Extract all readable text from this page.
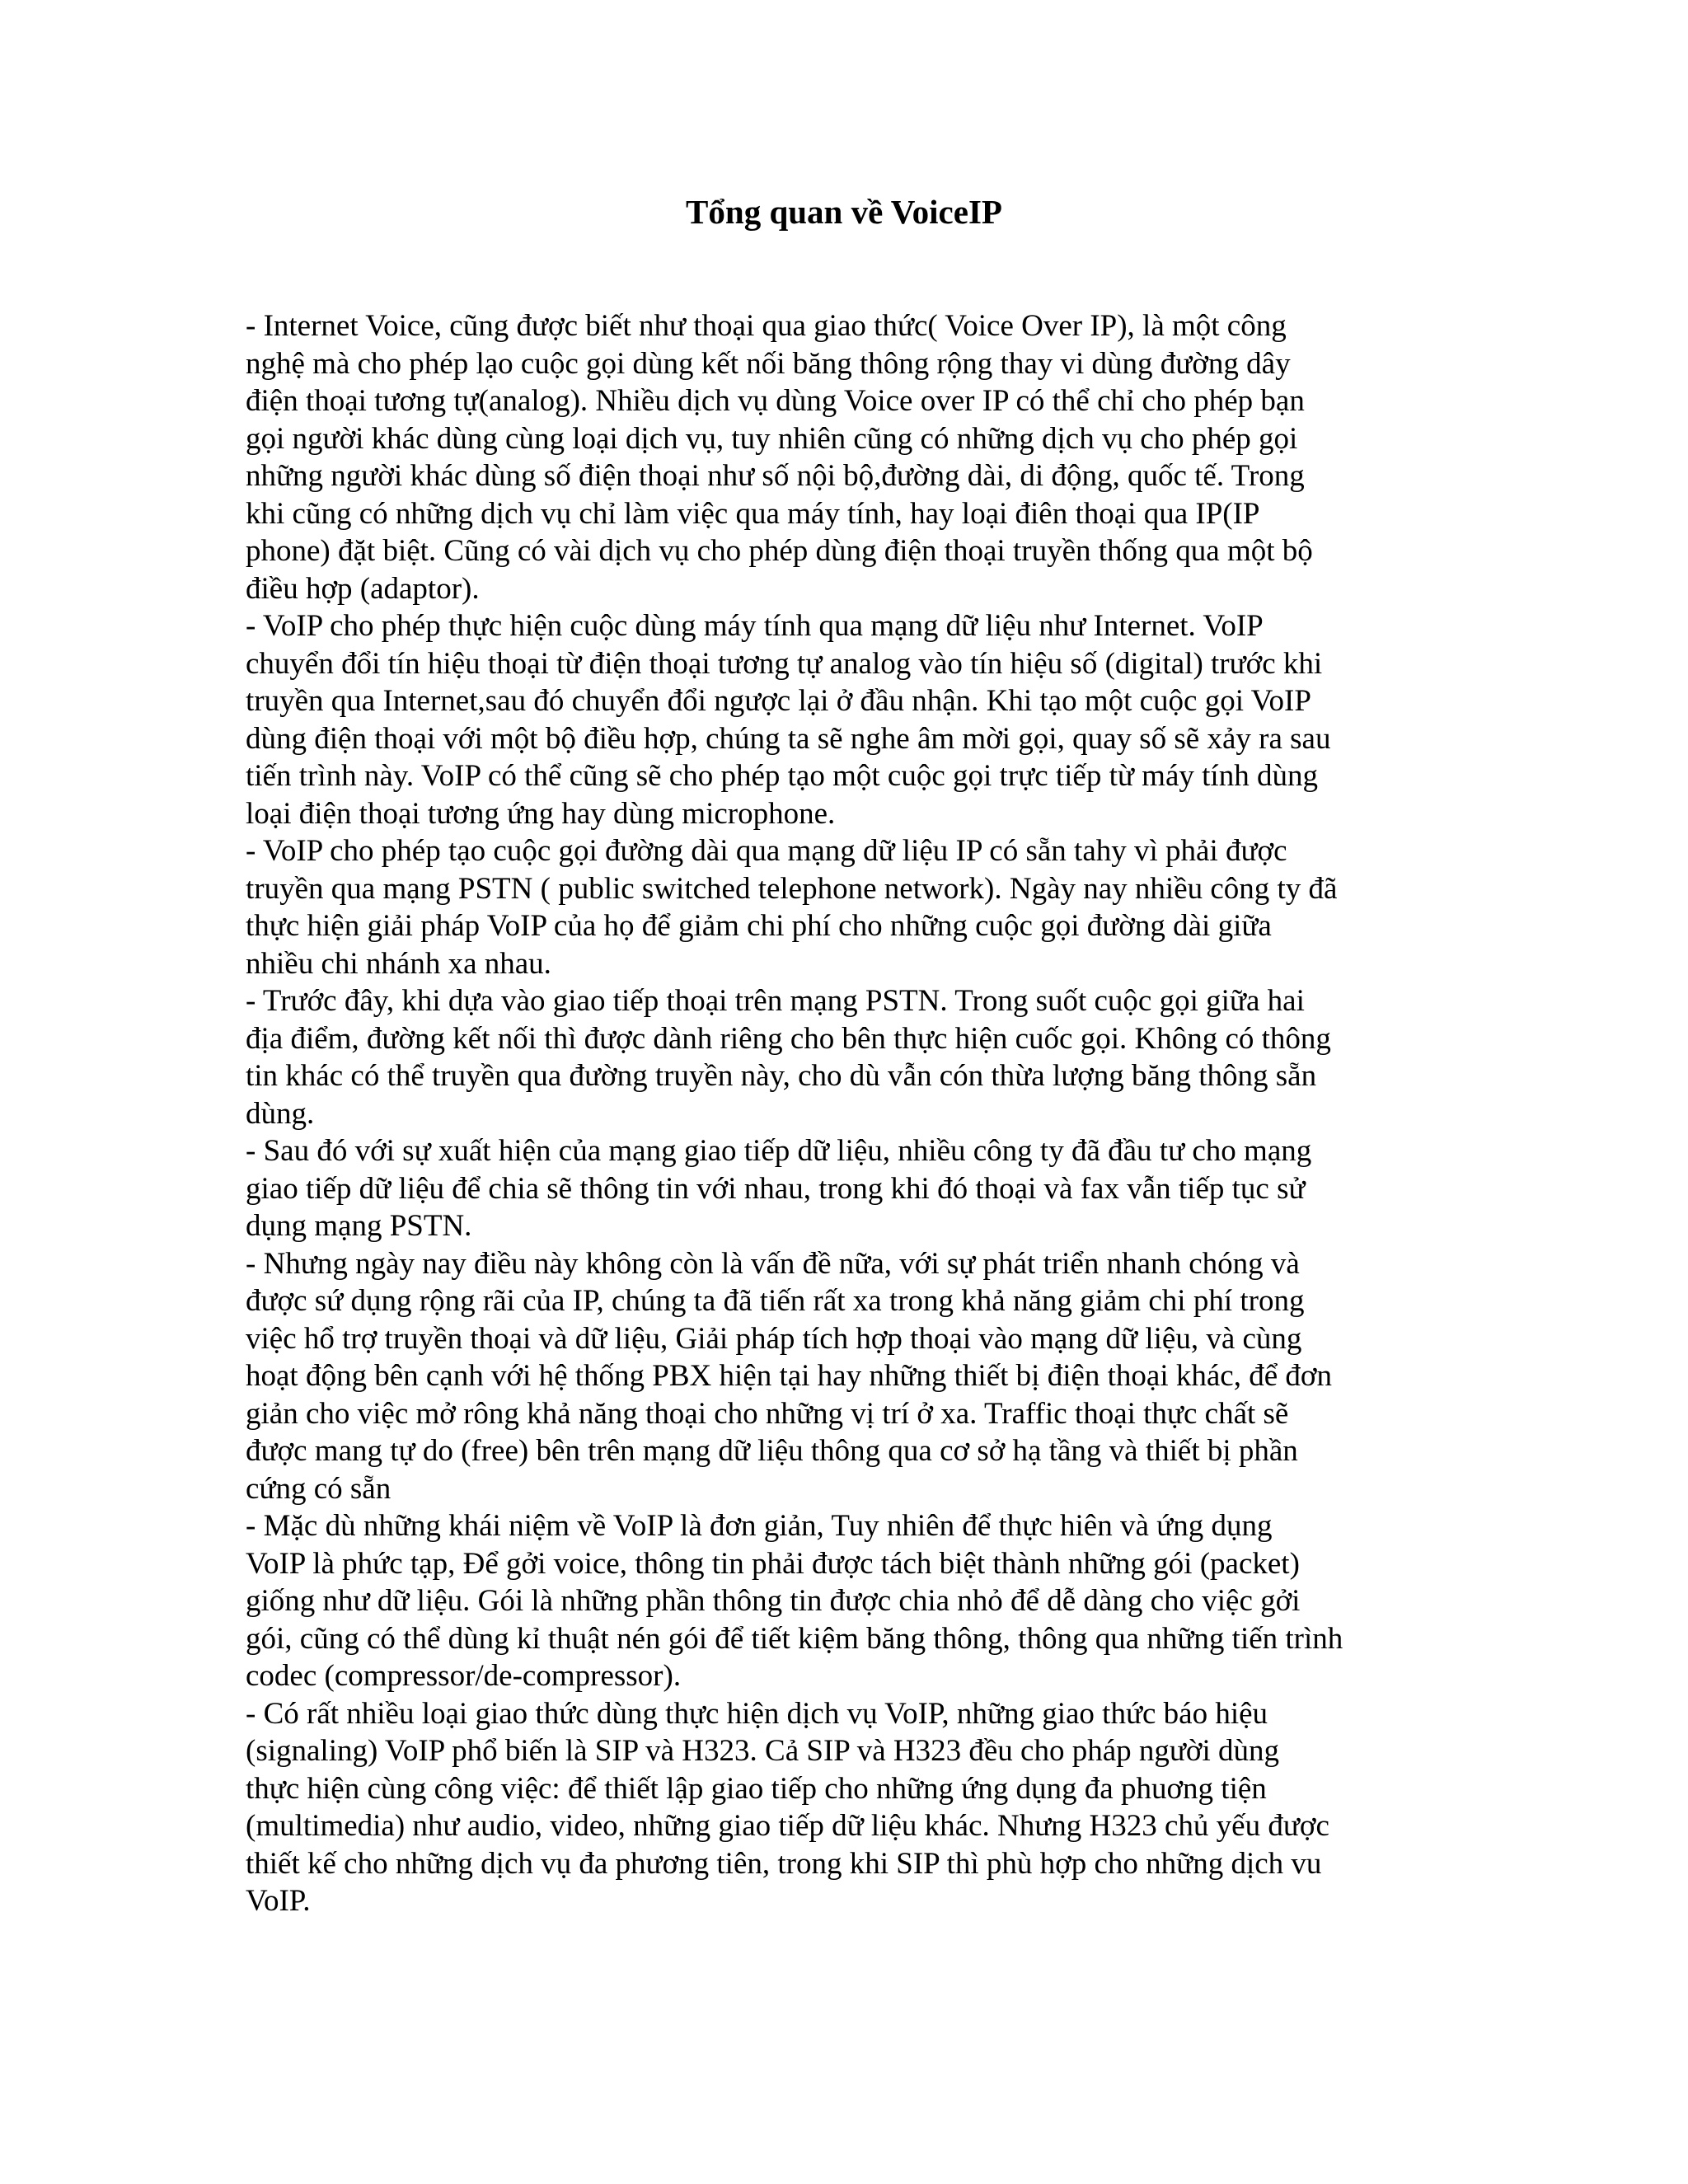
Tổng quan về VoiceIP
- Internet Voice, cũng được biết như thoại qua giao thức( Voice Over IP), là một công
nghệ mà cho phép lạo cuộc gọi dùng kết nối băng thông rộng thay vi dùng đường dây
điện thoại tương tự(analog). Nhiều dịch vụ dùng Voice over IP có thể chỉ cho phép bạn
gọi người khác dùng cùng loại dịch vụ, tuy nhiên cũng có những dịch vụ cho phép gọi
những người khác dùng số điện thoại như số nội bộ,đường dài, di động, quốc tế. Trong
khi cũng có những dịch vụ chỉ làm việc qua máy tính, hay loại điên thoại qua IP(IP
phone) đặt biệt. Cũng có vài dịch vụ cho phép dùng điện thoại truyền thống qua một bộ
điều hợp (adaptor).
- VoIP cho phép thực hiện cuộc dùng máy tính qua mạng dữ liệu như Internet. VoIP
chuyển đổi tín hiệu thoại từ điện thoại tương tự analog vào tín hiệu số (digital) trước khi
truyền qua Internet,sau đó chuyển đổi ngược lại ở đầu nhận. Khi tạo một cuộc gọi VoIP
dùng điện thoại với một bộ điều hợp, chúng ta sẽ nghe âm mời gọi, quay số sẽ xảy ra sau
tiến trình này. VoIP có thể cũng sẽ cho phép tạo một cuộc gọi trực tiếp từ máy tính dùng
loại điện thoại tương ứng hay dùng microphone.
- VoIP cho phép tạo cuộc gọi đường dài qua mạng dữ liệu IP có sẵn tahy vì phải được
truyền qua mạng PSTN ( public switched telephone network). Ngày nay nhiều công ty đã
thực hiện giải pháp VoIP của họ để giảm chi phí cho những cuộc gọi đường dài giữa
nhiều chi nhánh xa nhau.
- Trước đây, khi dựa vào giao tiếp thoại trên mạng PSTN. Trong suốt cuộc gọi giữa hai
địa điểm, đường kết nối thì được dành riêng cho bên thực hiện cuốc gọi. Không có thông
tin khác có thể truyền qua đường truyền này, cho dù vẫn cón thừa lượng băng thông sẵn
dùng.
- Sau đó với sự xuất hiện của mạng giao tiếp dữ liệu, nhiều công ty đã đầu tư cho mạng
giao tiếp dữ liệu để chia sẽ thông tin với nhau, trong khi đó thoại và fax vẫn tiếp tục sử
dụng mạng PSTN.
- Nhưng ngày nay điều này không còn là vấn đề nữa, với sự phát triển nhanh chóng và
được sứ dụng rộng rãi của IP, chúng ta đã tiến rất xa trong khả năng giảm chi phí trong
việc hổ trợ truyền thoại và dữ liệu, Giải pháp tích hợp thoại vào mạng dữ liệu, và cùng
hoạt động bên cạnh với hệ thống PBX hiện tại hay những thiết bị điện thoại khác, để đơn
giản cho việc mở rông khả năng thoại cho những vị trí ở xa. Traffic thoại thực chất sẽ
được mang tự do (free) bên trên mạng dữ liệu thông qua cơ sở hạ tầng và thiết bị phần
cứng có sẵn
- Mặc dù những khái niệm về VoIP là đơn giản, Tuy nhiên để thực hiên và ứng dụng
VoIP là phức tạp, Để gởi voice, thông tin phải được tách biệt thành những gói (packet)
giống như dữ liệu. Gói là những phần thông tin được chia nhỏ để dễ dàng cho việc gởi
gói, cũng có thể dùng kỉ thuật nén gói để tiết kiệm băng thông, thông qua những tiến trình
codec (compressor/de-compressor).
- Có rất nhiều loại giao thức dùng thực hiện dịch vụ VoIP, những giao thức báo hiệu
(signaling) VoIP phổ biến là SIP và H323. Cả SIP và H323 đều cho pháp người dùng
thực hiện cùng công việc: để thiết lập giao tiếp cho những ứng dụng đa phuơng tiện
(multimedia) như audio, video, những giao tiếp dữ liệu khác. Nhưng H323 chủ yếu được
thiết kế cho những dịch vụ đa phương tiên, trong khi SIP thì phù hợp cho những dịch vu
VoIP.
